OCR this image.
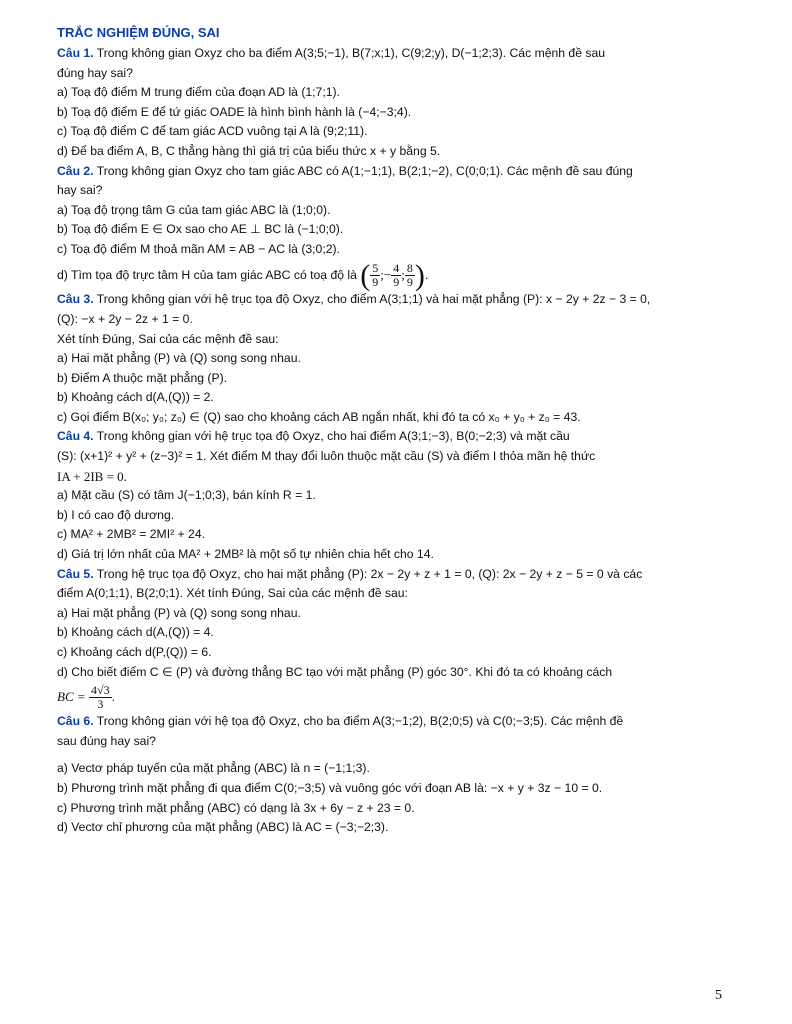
TRẮC NGHIỆM ĐÚNG, SAI
Câu 1. Trong không gian Oxyz cho ba điểm A(3;5;−1), B(7;x;1), C(9;2;y), D(−1;2;3). Các mệnh đề sau
đúng hay sai?
a) Toạ độ điểm M trung điểm của đoạn AD là (1;7;1).
b) Toạ độ điểm E để tứ giác OADE là hình bình hành là (−4;−3;4).
c) Toạ độ điểm C để tam giác ACD vuông tại A là (9;2;11).
d) Để ba điểm A, B, C thẳng hàng thì giá trị của biểu thức x + y bằng 5.
Câu 2. Trong không gian Oxyz cho tam giác ABC có A(1;−1;1), B(2;1;−2), C(0;0;1). Các mệnh đề sau đúng
hay sai?
a) Toạ độ trọng tâm G của tam giác ABC là (1;0;0).
b) Toạ độ điểm E ∈ Ox sao cho AE ⊥ BC là (−1;0;0).
c) Toạ độ điểm M thoả mãn AM = AB − AC là (3;0;2).
d) Tìm tọa độ trực tâm H của tam giác ABC có toạ độ là ( $\frac{5}{9}$ ;− $\frac{4}{9}$ ; $\frac{8}{9}$ ).
Câu 3. Trong không gian với hệ trục tọa độ Oxyz, cho điểm A(3;1;1) và hai mặt phẳng (P): x − 2y + 2z − 3 = 0,
(Q): −x + 2y − 2z + 1 = 0.
Xét tính Đúng, Sai của các mệnh đề sau:
a) Hai mặt phẳng (P) và (Q) song song nhau.
b) Điểm A thuộc mặt phẳng (P).
b) Khoảng cách d(A,(Q)) = 2.
c) Gọi điểm B(x₀; y₀; z₀) ∈ (Q) sao cho khoảng cách AB ngắn nhất, khi đó ta có x₀ + y₀ + z₀ = 43.
Câu 4. Trong không gian với hệ trục tọa độ Oxyz, cho hai điểm A(3;1;−3), B(0;−2;3) và mặt cầu
(S): (x+1)² + y² + (z−3)² = 1. Xét điểm M thay đổi luôn thuộc mặt cầu (S) và điểm I thỏa mãn hệ thức
IA + 2IB = 0.
a) Mặt cầu (S) có tâm J(−1;0;3), bán kính R = 1.
b) I có cao độ dương.
c) MA² + 2MB² = 2MI² + 24.
d) Giá trị lớn nhất của MA² + 2MB² là một số tự nhiên chia hết cho 14.
Câu 5. Trong hệ trục tọa độ Oxyz, cho hai mặt phẳng (P): 2x − 2y + z + 1 = 0, (Q): 2x − 2y + z − 5 = 0 và các
điểm A(0;1;1), B(2;0;1). Xét tính Đúng, Sai của các mệnh đề sau:
a) Hai mặt phẳng (P) và (Q) song song nhau.
b) Khoảng cách d(A,(Q)) = 4.
c) Khoảng cách d(P,(Q)) = 6.
d) Cho biết điểm C ∈ (P) và đường thẳng BC tạo với mặt phẳng (P) góc 30°. Khi đó ta có khoảng cách
BC = $\frac{4√3}{3}$ .
Câu 6. Trong không gian với hệ tọa độ Oxyz, cho ba điểm A(3;−1;2), B(2;0;5) và C(0;−3;5). Các mệnh đề
sau đúng hay sai?
a) Vectơ pháp tuyến của mặt phẳng (ABC) là n = (−1;1;3).
b) Phương trình mặt phẳng đi qua điểm C(0;−3;5) và vuông góc với đoạn AB là: −x + y + 3z − 10 = 0.
c) Phương trình mặt phẳng (ABC) có dạng là 3x + 6y − z + 23 = 0.
d) Vectơ chỉ phương của mặt phẳng (ABC) là AC = (−3;−2;3).
5
